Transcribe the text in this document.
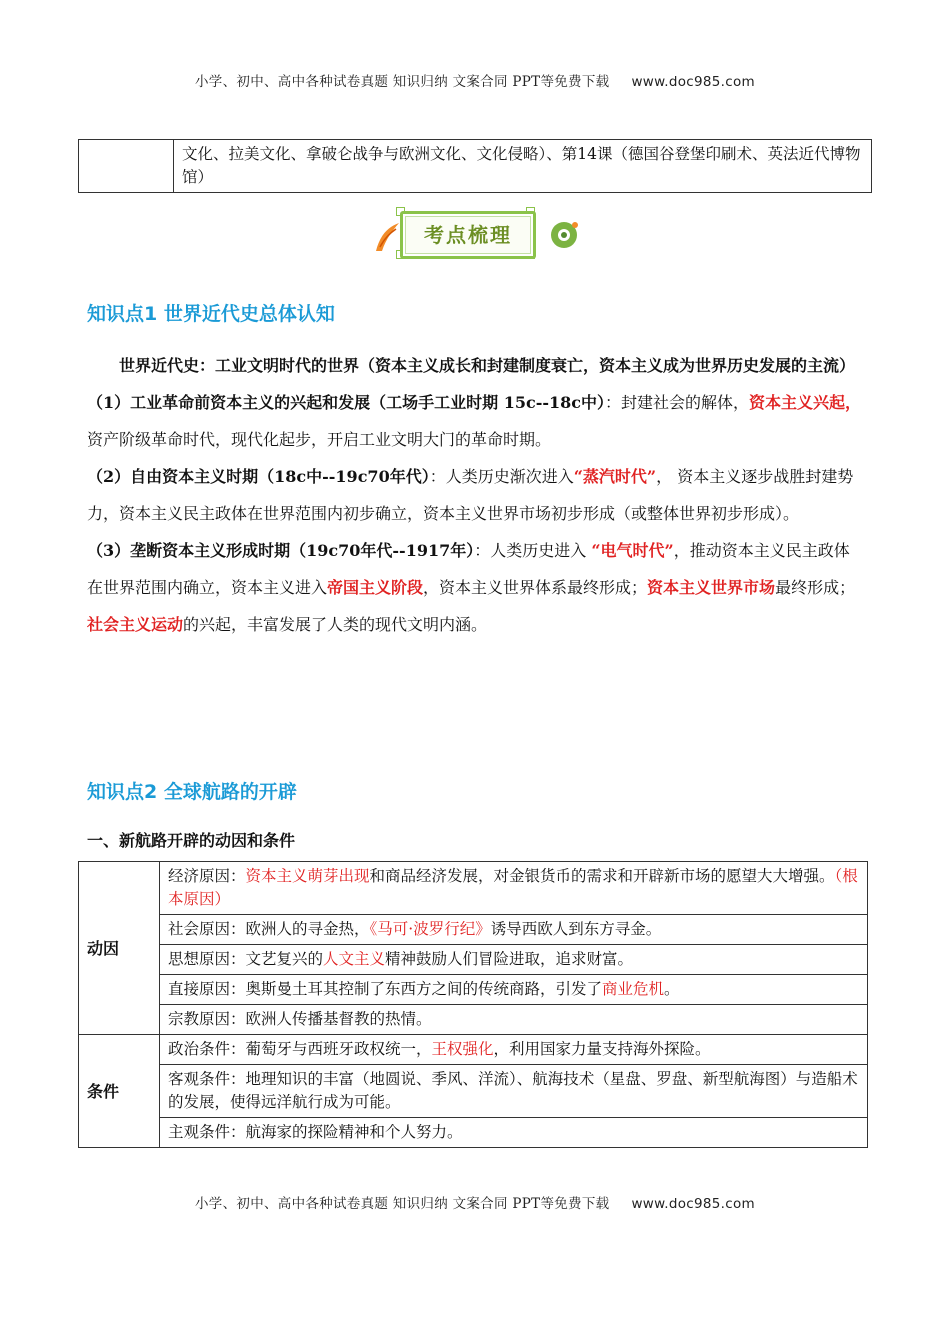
小学、初中、高中各种试卷真题 知识归纳 文案合同 PPT等免费下载 www.doc985.com
	文化、拉美文化、拿破仑战争与欧洲文化、文化侵略）、第14课（德国谷登堡印刷术、英法近代博物馆）
考点梳理
知识点1 世界近代史总体认知

世界近代史：工业文明时代的世界（资本主义成长和封建制度衰亡，资本主义成为世界历史发展的主流）

（1）工业革命前资本主义的兴起和发展（工场手工业时期 15c--18c中）：封建社会的解体，资本主义兴起，资产阶级革命时代，现代化起步，开启工业文明大门的革命时期。

（2）自由资本主义时期（18c中--19c70年代）：人类历史渐次进入“蒸汽时代”， 资本主义逐步战胜封建势力，资本主义民主政体在世界范围内初步确立，资本主义世界市场初步形成（或整体世界初步形成）。

（3）垄断资本主义形成时期（19c70年代--1917年）：人类历史进入 “电气时代”，推动资本主义民主政体在世界范围内确立，资本主义进入帝国主义阶段，资本主义世界体系最终形成；资本主义世界市场最终形成；社会主义运动的兴起，丰富发展了人类的现代文明内涵。

知识点2 全球航路的开辟
一、新航路开辟的动因和条件
动因	经济原因：资本主义萌芽出现和商品经济发展，对金银货币的需求和开辟新市场的愿望大大增强。（根本原因）
	社会原因：欧洲人的寻金热，《马可·波罗行纪》诱导西欧人到东方寻金。
	思想原因：文艺复兴的人文主义精神鼓励人们冒险进取，追求财富。
	直接原因：奥斯曼土耳其控制了东西方之间的传统商路，引发了商业危机。
	宗教原因：欧洲人传播基督教的热情。
条件	政治条件：葡萄牙与西班牙政权统一，王权强化，利用国家力量支持海外探险。
	客观条件：地理知识的丰富（地圆说、季风、洋流）、航海技术（星盘、罗盘、新型航海图）与造船术的发展，使得远洋航行成为可能。
	主观条件：航海家的探险精神和个人努力。
小学、初中、高中各种试卷真题 知识归纳 文案合同 PPT等免费下载 www.doc985.com
